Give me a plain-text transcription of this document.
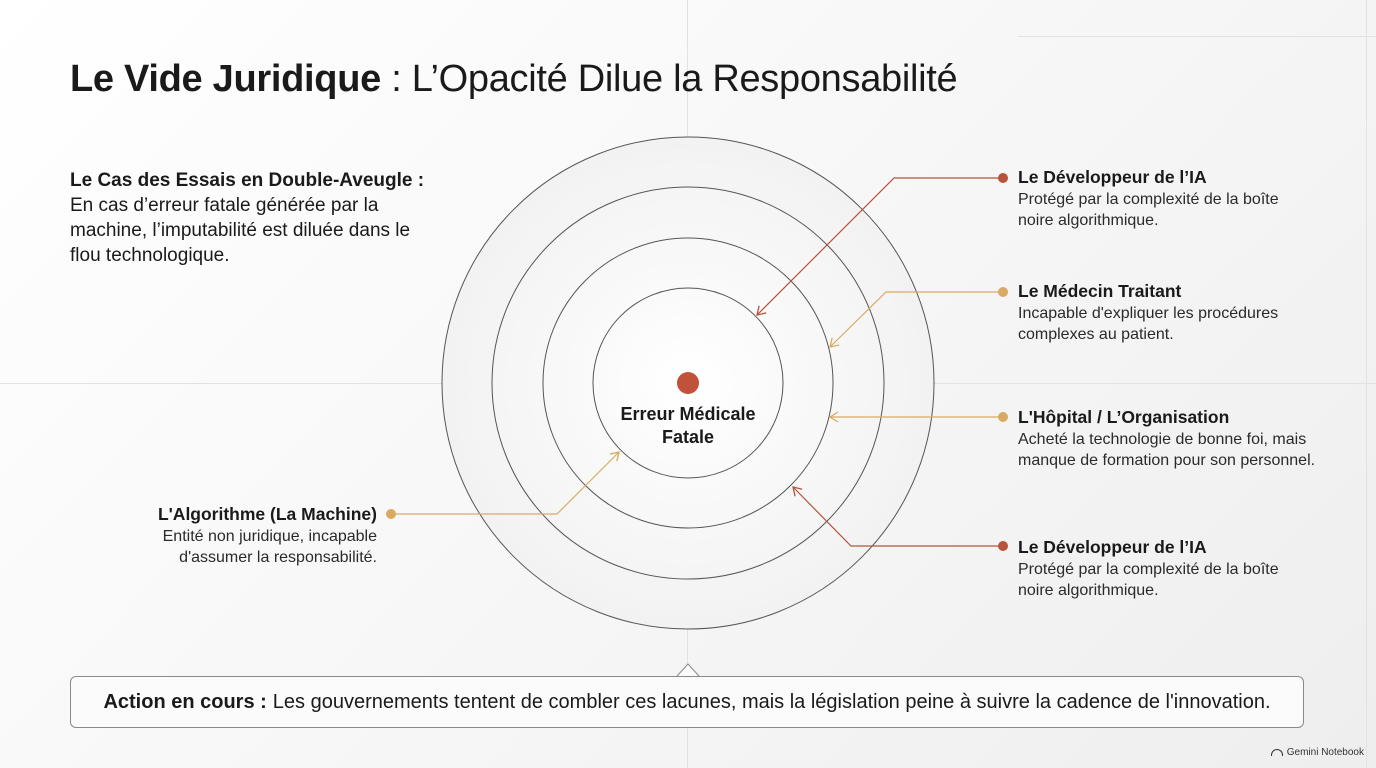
Le Vide Juridique : L’Opacité Dilue la Responsabilité
Le Cas des Essais en Double-Aveugle :
En cas d’erreur fatale générée par la machine, l’imputabilité est diluée dans le flou technologique.
Erreur Médicale Fatale
Le Développeur de l’IA
Protégé par la complexité de la boîte noire algorithmique.
Le Médecin Traitant
Incapable d'expliquer les procédures complexes au patient.
L'Hôpital / L’Organisation
Acheté la technologie de bonne foi, mais manque de formation pour son personnel.
Le Développeur de l’IA
Protégé par la complexité de la boîte noire algorithmique.
L'Algorithme (La Machine)
Entité non juridique, incapable d'assumer la responsabilité.
Action en cours : Les gouvernements tentent de combler ces lacunes, mais la législation peine à suivre la cadence de l'innovation.
Gemini Notebook
